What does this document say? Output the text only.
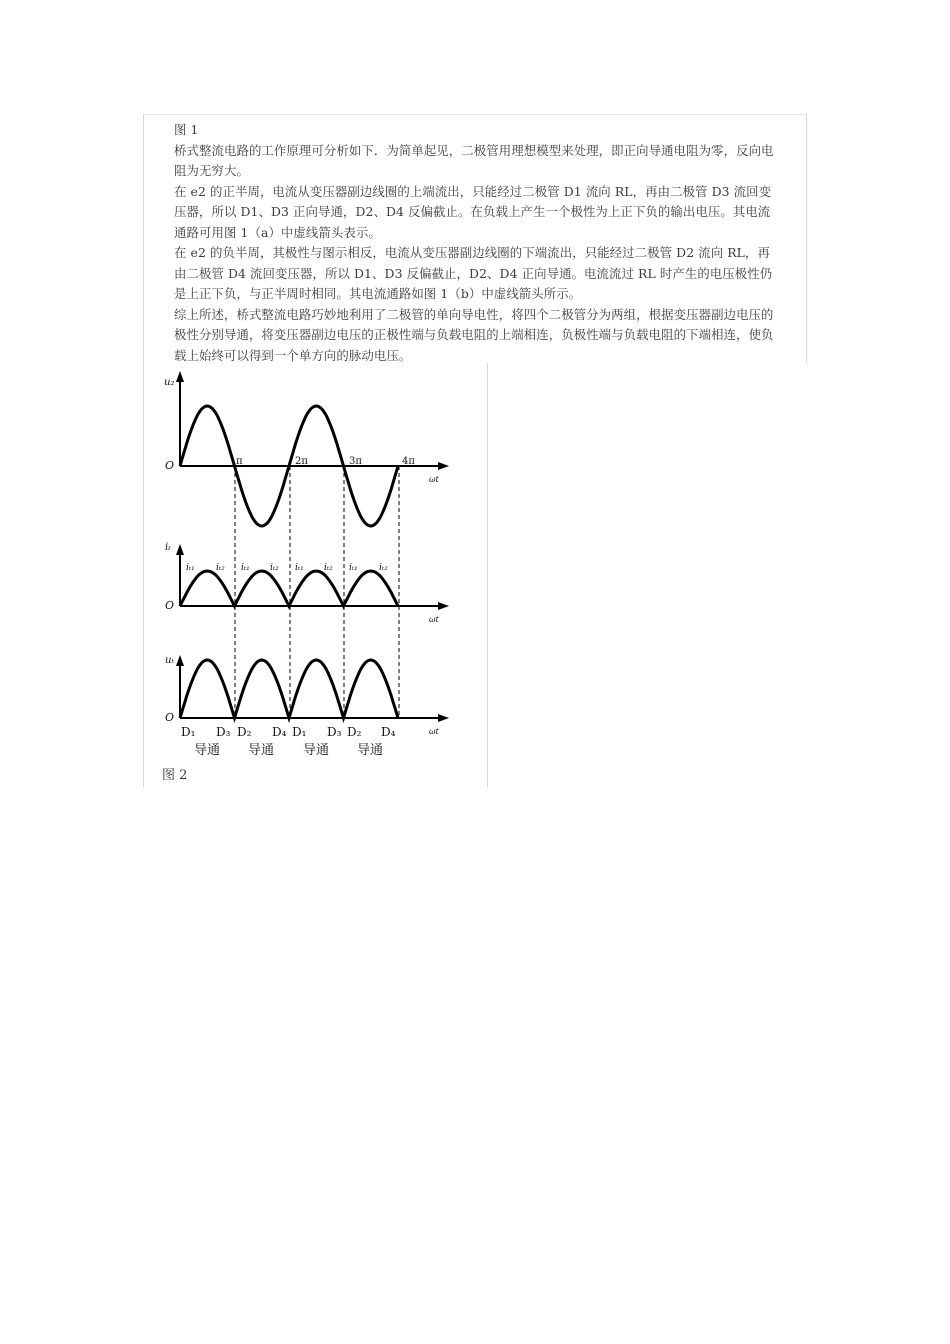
图 1

桥式整流电路的工作原理可分析如下．为简单起见，二极管用理想模型来处理，即正向导通电阻为零，反向电阻为无穷大。

在 e2 的正半周，电流从变压器副边线圈的上端流出，只能经过二极管 D1 流向 RL，再由二极管 D3 流回变压器，所以 D1、D3 正向导通，D2、D4 反偏截止。在负载上产生一个极性为上正下负的输出电压。其电流通路可用图 1（a）中虚线箭头表示。

在 e2 的负半周，其极性与图示相反，电流从变压器副边线圈的下端流出，只能经过二极管 D2 流向 RL，再由二极管 D4 流回变压器，所以 D1、D3 反偏截止，D2、D4 正向导通。电流流过 RL 时产生的电压极性仍是上正下负，与正半周时相同。其电流通路如图 1（b）中虚线箭头所示。

综上所述，桥式整流电路巧妙地利用了二极管的单向导电性，将四个二极管分为两组，根据变压器副边电压的极性分别导通，将变压器副边电压的正极性端与负载电阻的上端相连，负极性端与负载电阻的下端相连，使负载上始终可以得到一个单方向的脉动电压。

u₂
O	π	2π	3π	4π
ωt
iₜ
O
ωt
iₜ₁ iₜ₂ iₜ₁ iₜ₂ iₜ₁ iₜ₂ iₜ₁ iₜ₂
uₜ
O
ωt
D₁ D₃ D₂ D₄ D₁ D₃ D₂ D₄
导通 导通 导通 导通
图 2
